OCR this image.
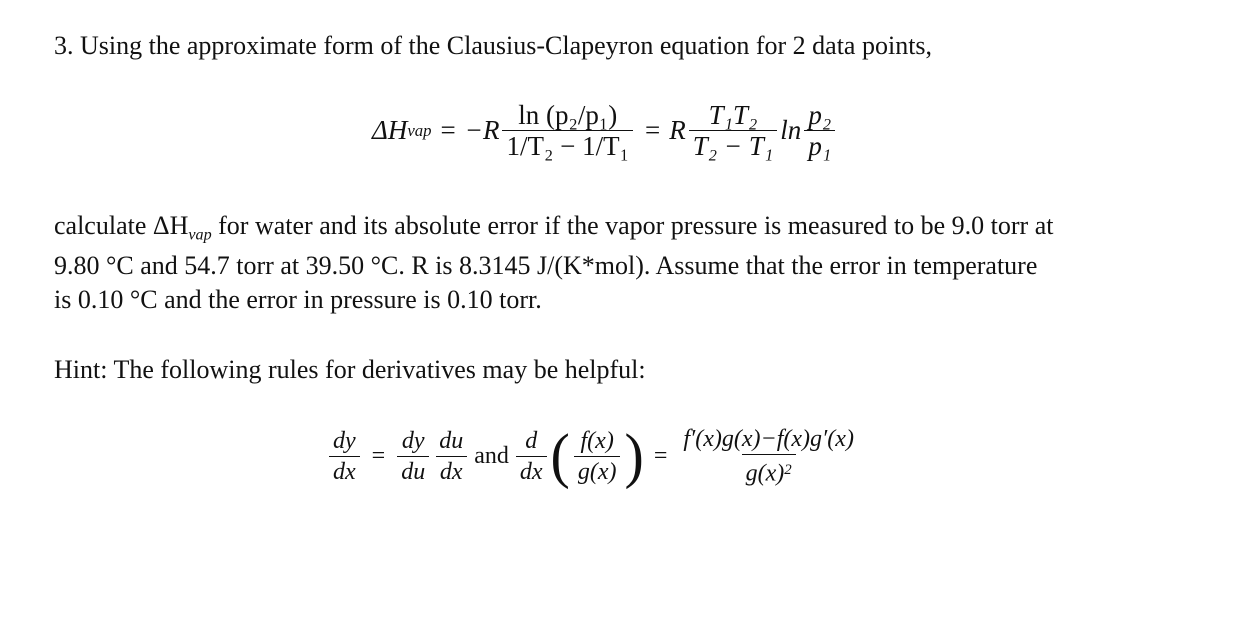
3. Using the approximate form of the Clausius-Clapeyron equation for 2 data points,
ΔH vap = $-R \frac{\text{ln (p₂/p₁)}}{\text{1/T₂ − 1/T₁}} = R \frac{\text{T₁T₂}}{\text{T₂ − T₁}}$ $\ln \frac{\text{p₂}}{\text{p₁}}$
calculate $\Delta H_{vap}$ for water and its absolute error if the vapor pressure is measured to be 9.0 torr at
9.80 °C and 54.7 torr at 39.50 °C. R is 8.3145 J/(K*mol). Assume that the error in temperature
is 0.10 °C and the error in pressure is 0.10 torr.
Hint: The following rules for derivatives may be helpful:
$\frac{dy}{dx} = \frac{dy}{du} \frac{du}{dx}$ and $\frac{d}{dx}$ ( $\frac{f(x)}{g(x)}$ ) = $\frac{f'(x)g(x)-f(x)g'(x)}{g(x)^2}$
